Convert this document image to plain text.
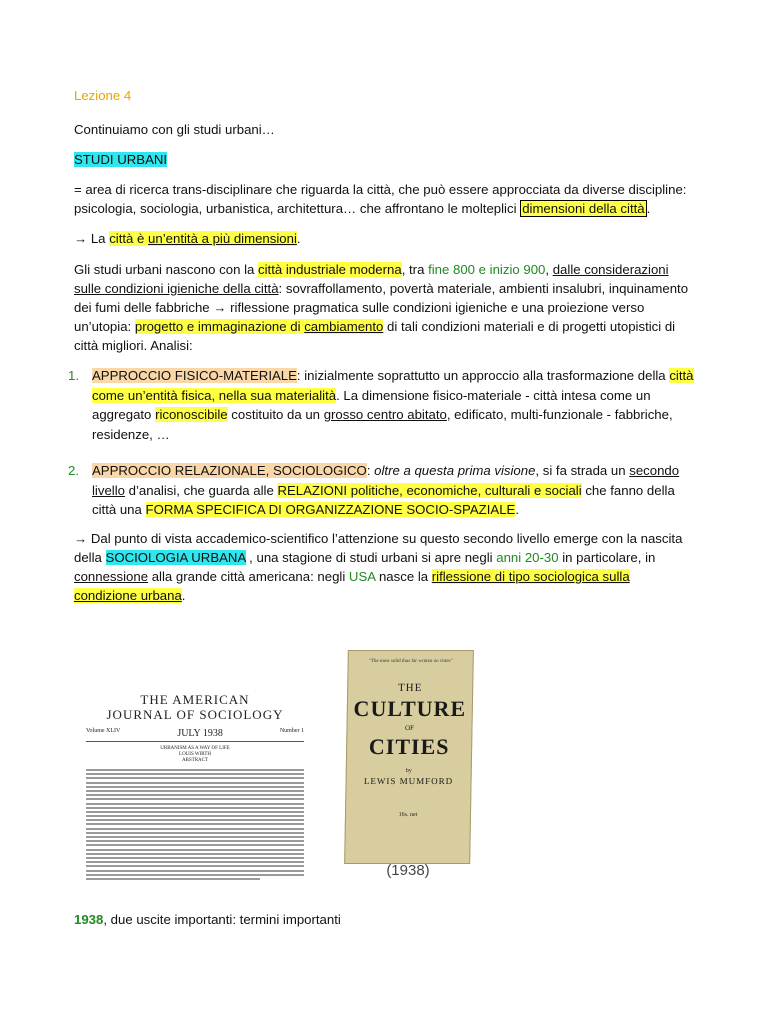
Lezione 4
Continuiamo con gli studi urbani…
STUDI URBANI
= area di ricerca trans-disciplinare che riguarda la città, che può essere approcciata da diverse discipline: psicologia, sociologia, urbanistica, architettura… che affrontano le molteplici dimensioni della città .
→ La città è un’entità a più dimensioni.
Gli studi urbani nascono con la città industriale moderna, tra fine 800 e inizio 900, dalle considerazioni sulle condizioni igieniche della città: sovraffollamento, povertà materiale, ambienti insalubri, inquinamento dei fumi delle fabbriche → riflessione pragmatica sulle condizioni igieniche e una proiezione verso un’utopia: progetto e immaginazione di cambiamento di tali condizioni materiali e di progetti utopistici di città migliori. Analisi:
1. APPROCCIO FISICO-MATERIALE: inizialmente soprattutto un approccio alla trasformazione della città come un’entità fisica, nella sua materialità. La dimensione fisico-materiale - città intesa come un aggregato riconoscibile costituito da un grosso centro abitato, edificato, multi-funzionale - fabbriche, residenze, …
2. APPROCCIO RELAZIONALE, SOCIOLOGICO: oltre a questa prima visione, si fa strada un secondo livello d’analisi, che guarda alle RELAZIONI politiche, economiche, culturali e sociali che fanno della città una FORMA SPECIFICA DI ORGANIZZAZIONE SOCIO-SPAZIALE.
→ Dal punto di vista accademico-scientifico l’attenzione su questo secondo livello emerge con la nascita della SOCIOLOGIA URBANA , una stagione di studi urbani si apre negli anni 20-30 in particolare, in connessione alla grande città americana: negli USA nasce la riflessione di tipo sociologica sulla condizione urbana.
1938, due uscite importanti: termini importanti
THE AMERICAN
JOURNAL OF SOCIOLOGY
Volume XLIV	JULY 1938	Number 1
URBANISM AS A WAY OF LIFE
LOUIS WIRTH
ABSTRACT
"The most solid thus far written on cities"
THE
CULTURE
OF
CITIES
by
LEWIS MUMFORD
16s. net
(1938)
